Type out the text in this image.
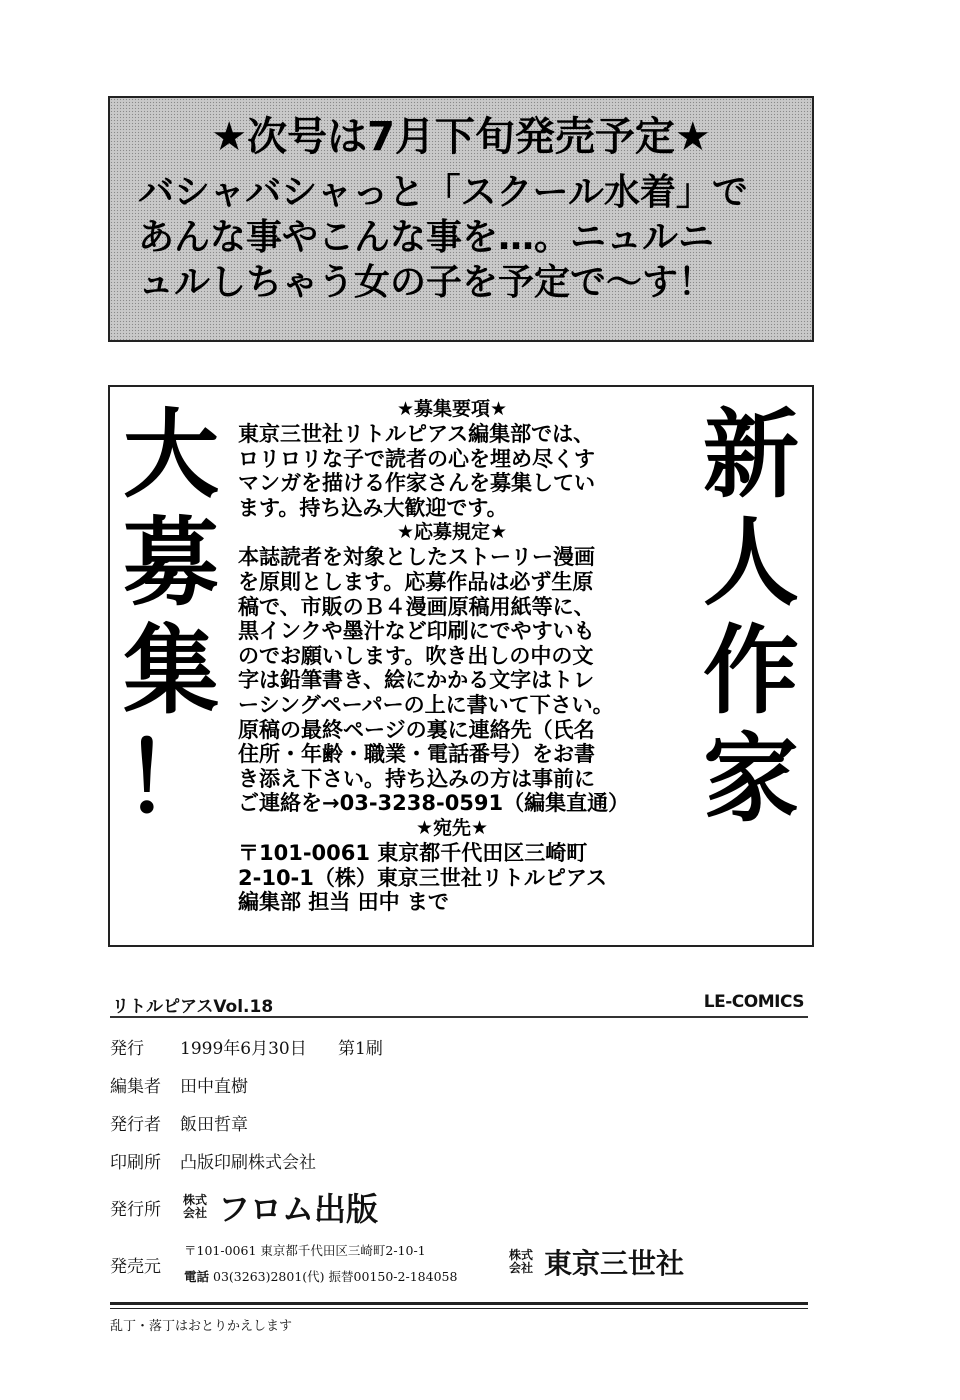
★次号は7月下旬発売予定★
バシャバシャっと「スクール水着」で
あんな事やこんな事を…。ニュルニ
ュルしちゃう女の子を予定で〜す！
大
募
集
！
★募集要項★
東京三世社リトルピアス編集部では、
ロリロリな子で読者の心を埋め尽くす
マンガを描ける作家さんを募集してい
ます。持ち込み大歓迎です。
★応募規定★
本誌読者を対象としたストーリー漫画
を原則とします。応募作品は必ず生原
稿で、市販のＢ４漫画原稿用紙等に、
黒インクや墨汁など印刷にでやすいも
のでお願いします。吹き出しの中の文
字は鉛筆書き、絵にかかる文字はトレ
ーシングペーパーの上に書いて下さい。
原稿の最終ページの裏に連絡先（氏名
住所・年齢・職業・電話番号）をお書
き添え下さい。持ち込みの方は事前に
ご連絡を→03-3238-0591（編集直通）
★宛先★
〒101-0061 東京都千代田区三崎町
2-10-1（株）東京三世社リトルピアス
編集部 担当 田中 まで
新
人
作
家
リトルピアスVol.18	LE-COMICS
発行 1999年6月30日 第1刷
編集者 田中直樹
発行者 飯田哲章
印刷所 凸版印刷株式会社
発行所 株式
会社 フロム出版
発売元
〒101-0061 東京都千代田区三崎町2-10-1
電話 03(3263)2801(代) 振替00150-2-184058
株式
会社 東京三世社
乱丁・落丁はおとりかえします
